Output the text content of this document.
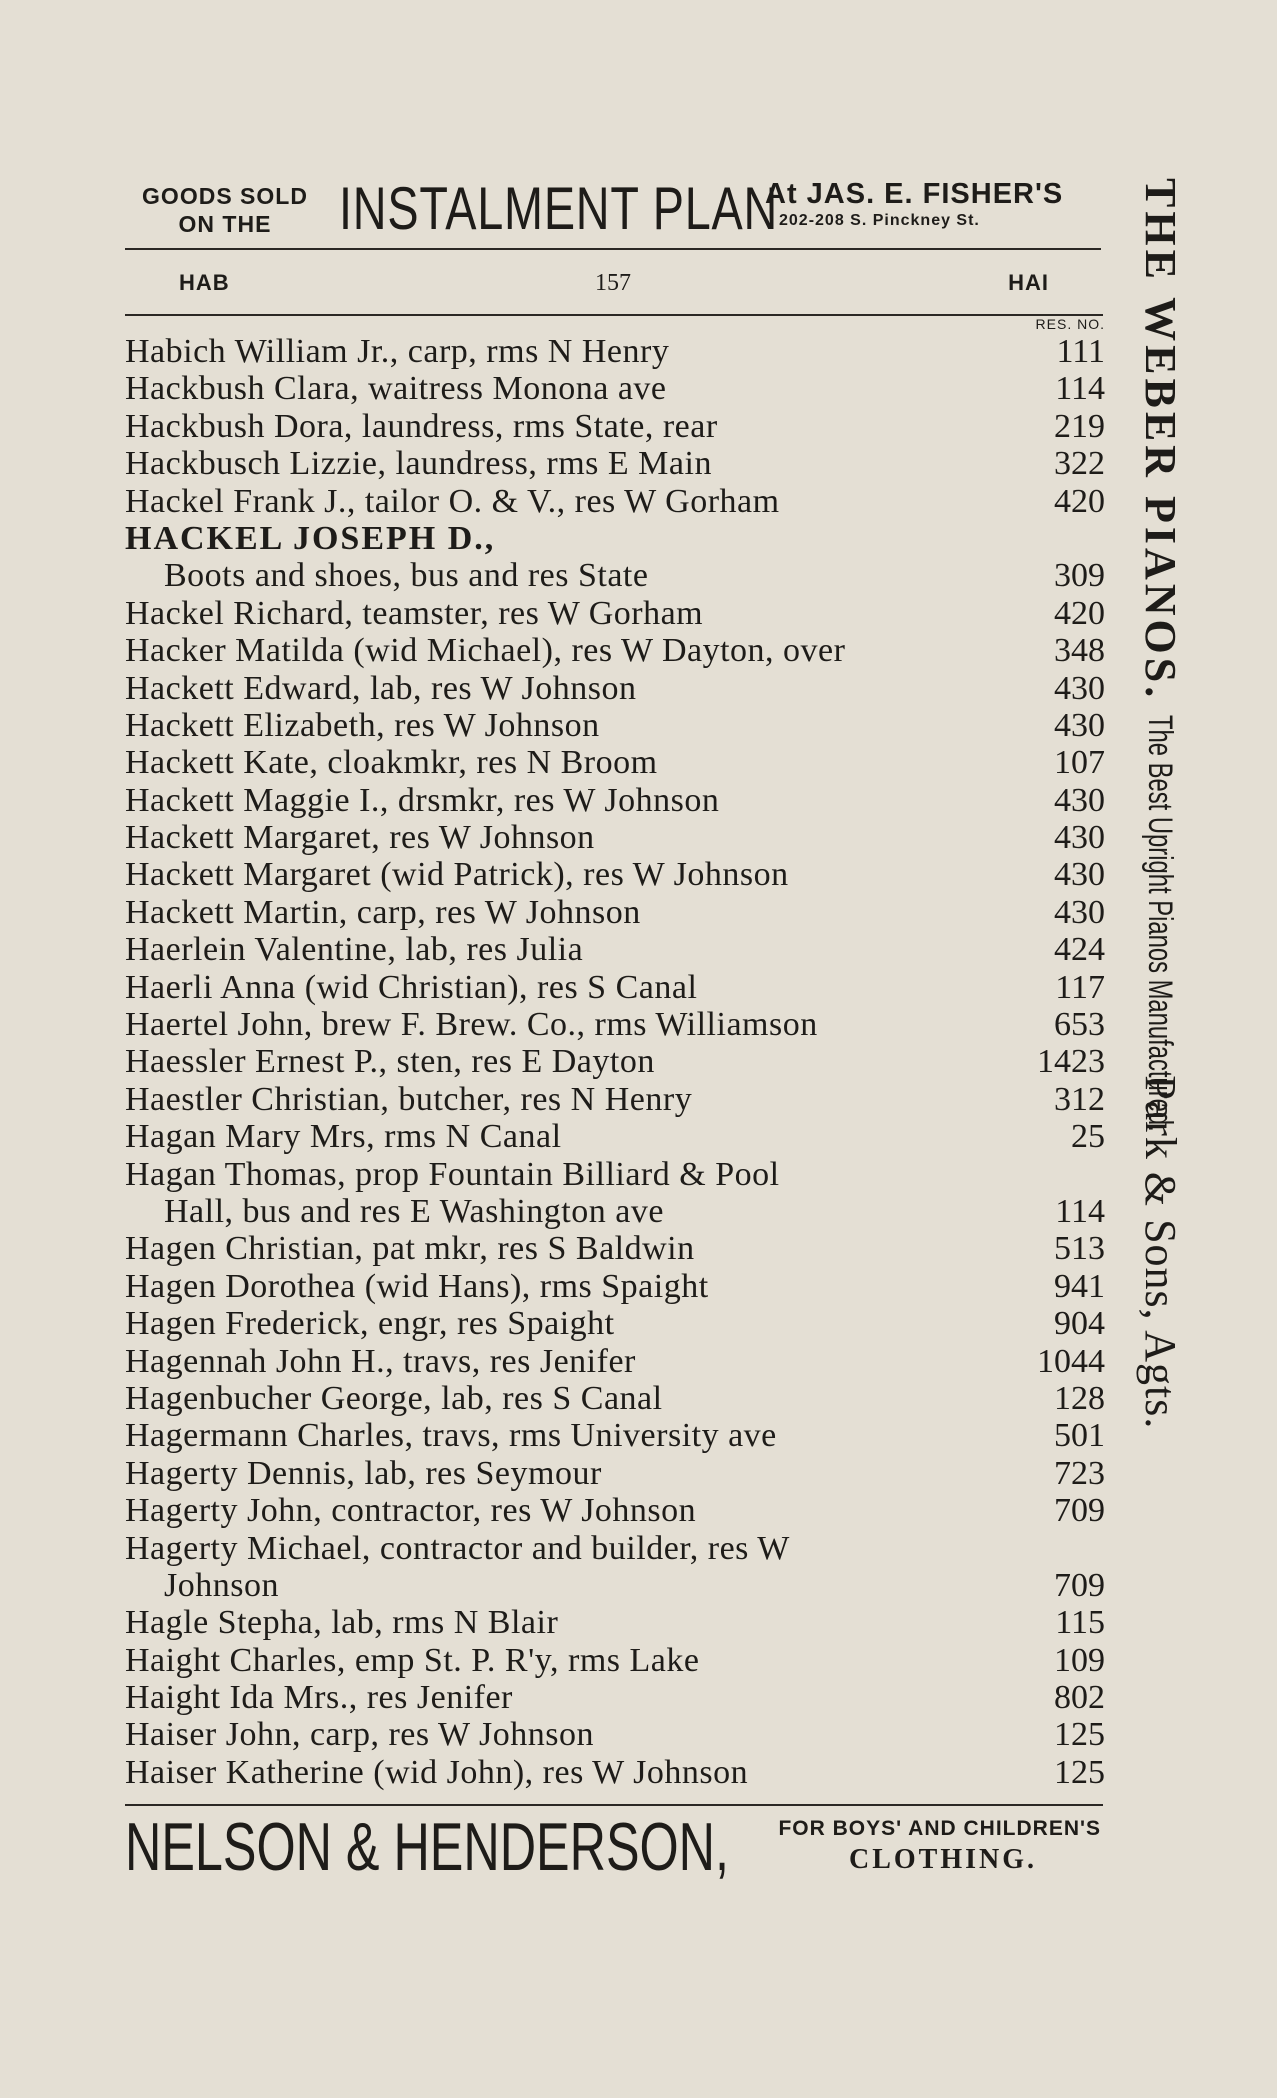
GOODS SOLD
ON THE	INSTALMENT PLAN
At JAS. E. FISHER'S
202-208 S. Pinckney St.
HAB	157	HAI
RES. NO.
Habich William Jr., carp, rms N Henry	111
Hackbush Clara, waitress Monona ave	114
Hackbush Dora, laundress, rms State, rear	219
Hackbusch Lizzie, laundress, rms E Main	322
Hackel Frank J., tailor O. & V., res W Gorham	420
HACKEL JOSEPH D.,
Boots and shoes, bus and res State	309
Hackel Richard, teamster, res W Gorham	420
Hacker Matilda (wid Michael), res W Dayton, over	348
Hackett Edward, lab, res W Johnson	430
Hackett Elizabeth, res W Johnson	430
Hackett Kate, cloakmkr, res N Broom	107
Hackett Maggie I., drsmkr, res W Johnson	430
Hackett Margaret, res W Johnson	430
Hackett Margaret (wid Patrick), res W Johnson	430
Hackett Martin, carp, res W Johnson	430
Haerlein Valentine, lab, res Julia	424
Haerli Anna (wid Christian), res S Canal	117
Haertel John, brew F. Brew. Co., rms Williamson	653
Haessler Ernest P., sten, res E Dayton	1423
Haestler Christian, butcher, res N Henry	312
Hagan Mary Mrs, rms N Canal	25
Hagan Thomas, prop Fountain Billiard & Pool
Hall, bus and res E Washington ave	114
Hagen Christian, pat mkr, res S Baldwin	513
Hagen Dorothea (wid Hans), rms Spaight	941
Hagen Frederick, engr, res Spaight	904
Hagennah John H., travs, res Jenifer	1044
Hagenbucher George, lab, res S Canal	128
Hagermann Charles, travs, rms University ave	501
Hagerty Dennis, lab, res Seymour	723
Hagerty John, contractor, res W Johnson	709
Hagerty Michael, contractor and builder, res W
Johnson	709
Hagle Stepha, lab, rms N Blair	115
Haight Charles, emp St. P. R'y, rms Lake	109
Haight Ida Mrs., res Jenifer	802
Haiser John, carp, res W Johnson	125
Haiser Katherine (wid John), res W Johnson	125
NELSON & HENDERSON,	FOR BOYS' AND CHILDREN'S
CLOTHING.
THE WEBER PIANOS.The Best Upright Pianos Manufactured.Park & Sons, Agts.
